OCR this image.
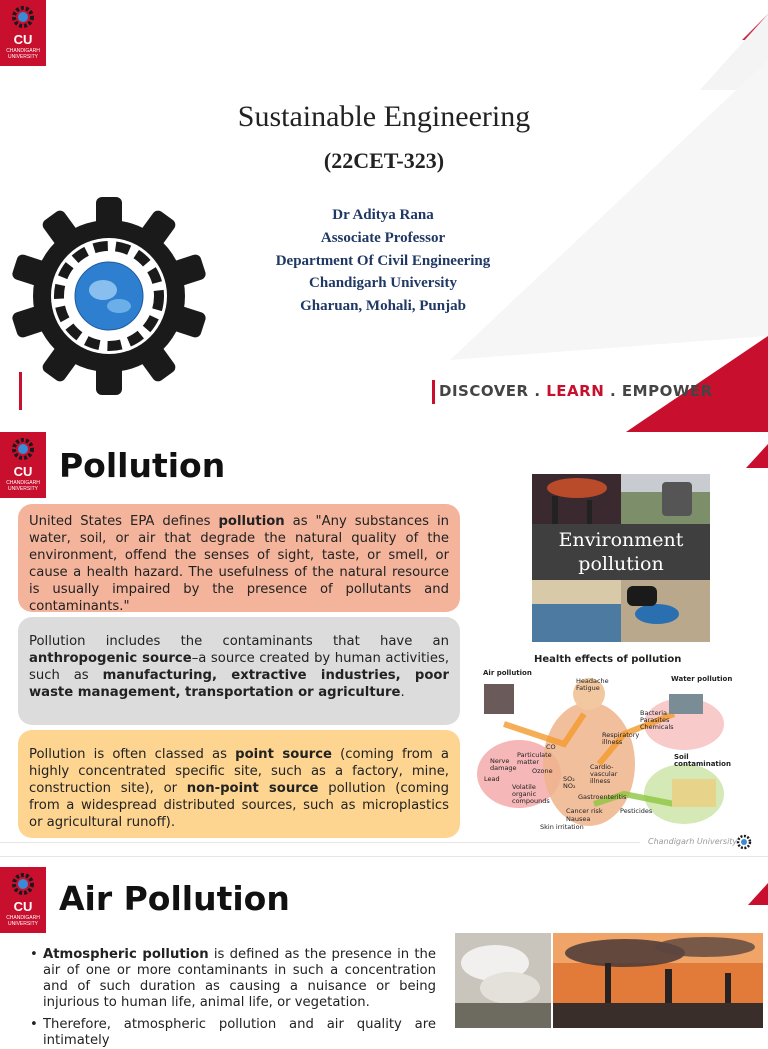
CU
CHANDIGARH UNIVERSITY
Sustainable Engineering
(22CET-323)
Dr Aditya Rana
Associate Professor
Department Of Civil Engineering
Chandigarh University
Gharuan, Mohali, Punjab
DISCOVER . LEARN . EMPOWER
CU
CHANDIGARH UNIVERSITY
Pollution
United States EPA defines pollution as "Any substances in water, soil, or air that degrade the natural quality of the environment, offend the senses of sight, taste, or smell, or cause a health hazard. The usefulness of the natural resource is usually impaired by the presence of pollutants and contaminants."
Pollution includes the contaminants that have an anthropogenic source–a source created by human activities, such as manufacturing, extractive industries, poor waste management, transportation or agriculture.
Pollution is often classed as point source (coming from a highly concentrated specific site, such as a factory, mine, construction site), or non-point source pollution (coming from a widespread distributed sources, such as microplastics or agricultural runoff).
Environment
pollution
Health effects of pollution
Air pollution
Water pollution
Soil contamination
Headache Fatigue
Respiratory illness
Bacteria Parasites Chemicals
Cardio-vascular illness
CO
Particulate matter
Ozone
Nerve damage
Lead
Volatile organic compounds
SO₂ NO₂
Gastroenteritis
Cancer risk	Pesticides
Nausea
Skin irritation
Chandigarh University
CU
CHANDIGARH UNIVERSITY
Air Pollution
• Atmospheric pollution is defined as the presence in the air of one or more contaminants in such a concentration and of such duration as causing a nuisance or being injurious to human life, animal life, or vegetation.
• Therefore, atmospheric pollution and air quality are intimately
